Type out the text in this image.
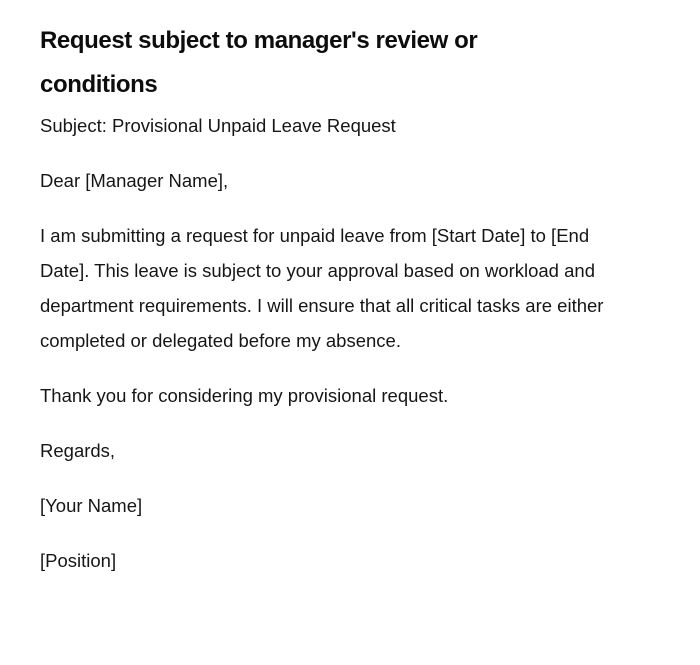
Request subject to manager's review or conditions

Subject: Provisional Unpaid Leave Request

Dear [Manager Name],

I am submitting a request for unpaid leave from [Start Date] to [End Date]. This leave is subject to your approval based on workload and department requirements. I will ensure that all critical tasks are either completed or delegated before my absence.

Thank you for considering my provisional request.

Regards,

[Your Name]

[Position]
